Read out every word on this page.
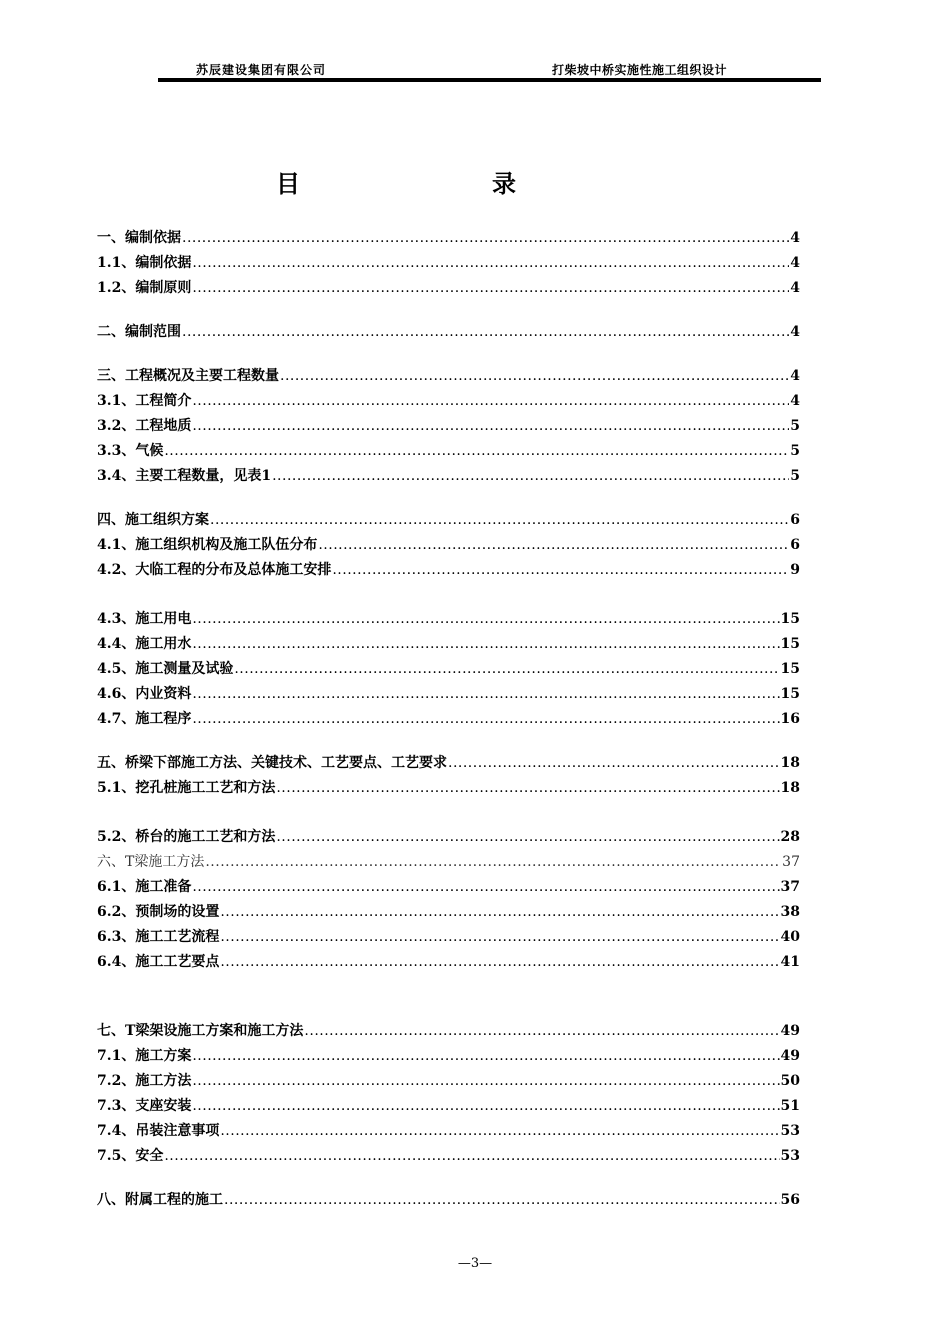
苏辰建设集团有限公司	打柴坡中桥实施性施工组织设计
目	录
一、编制依据 .....	4
1.1、编制依据 .....	4
1.2、编制原则 .....	4
二、编制范围 .....	4
三、工程概况及主要工程数量 .....	4
3.1、工程简介 .....	4
3.2、工程地质 .....	5
3.3、气候 .....	5
3.4、主要工程数量，见表1 .....	5
四、施工组织方案 .....	6
4.1、施工组织机构及施工队伍分布 .....	6
4.2、大临工程的分布及总体施工安排 .....	9
4.3、施工用电 .....	15
4.4、施工用水 .....	15
4.5、施工测量及试验 .....	15
4.6、内业资料 .....	15
4.7、施工程序 .....	16
五、桥梁下部施工方法、关键技术、工艺要点、工艺要求 .....	18
5.1、挖孔桩施工工艺和方法 .....	18
5.2、桥台的施工工艺和方法 .....	28
六、T梁施工方法 .....	37
6.1、施工准备 .....	37
6.2、预制场的设置 .....	38
6.3、施工工艺流程 .....	40
6.4、施工工艺要点 .....	41
七、T梁架设施工方案和施工方法 .....	49
7.1、施工方案 .....	49
7.2、施工方法 .....	50
7.3、支座安装 .....	51
7.4、吊装注意事项 .....	53
7.5、安全 .....	53
八、附属工程的施工 .....	56
—3—
